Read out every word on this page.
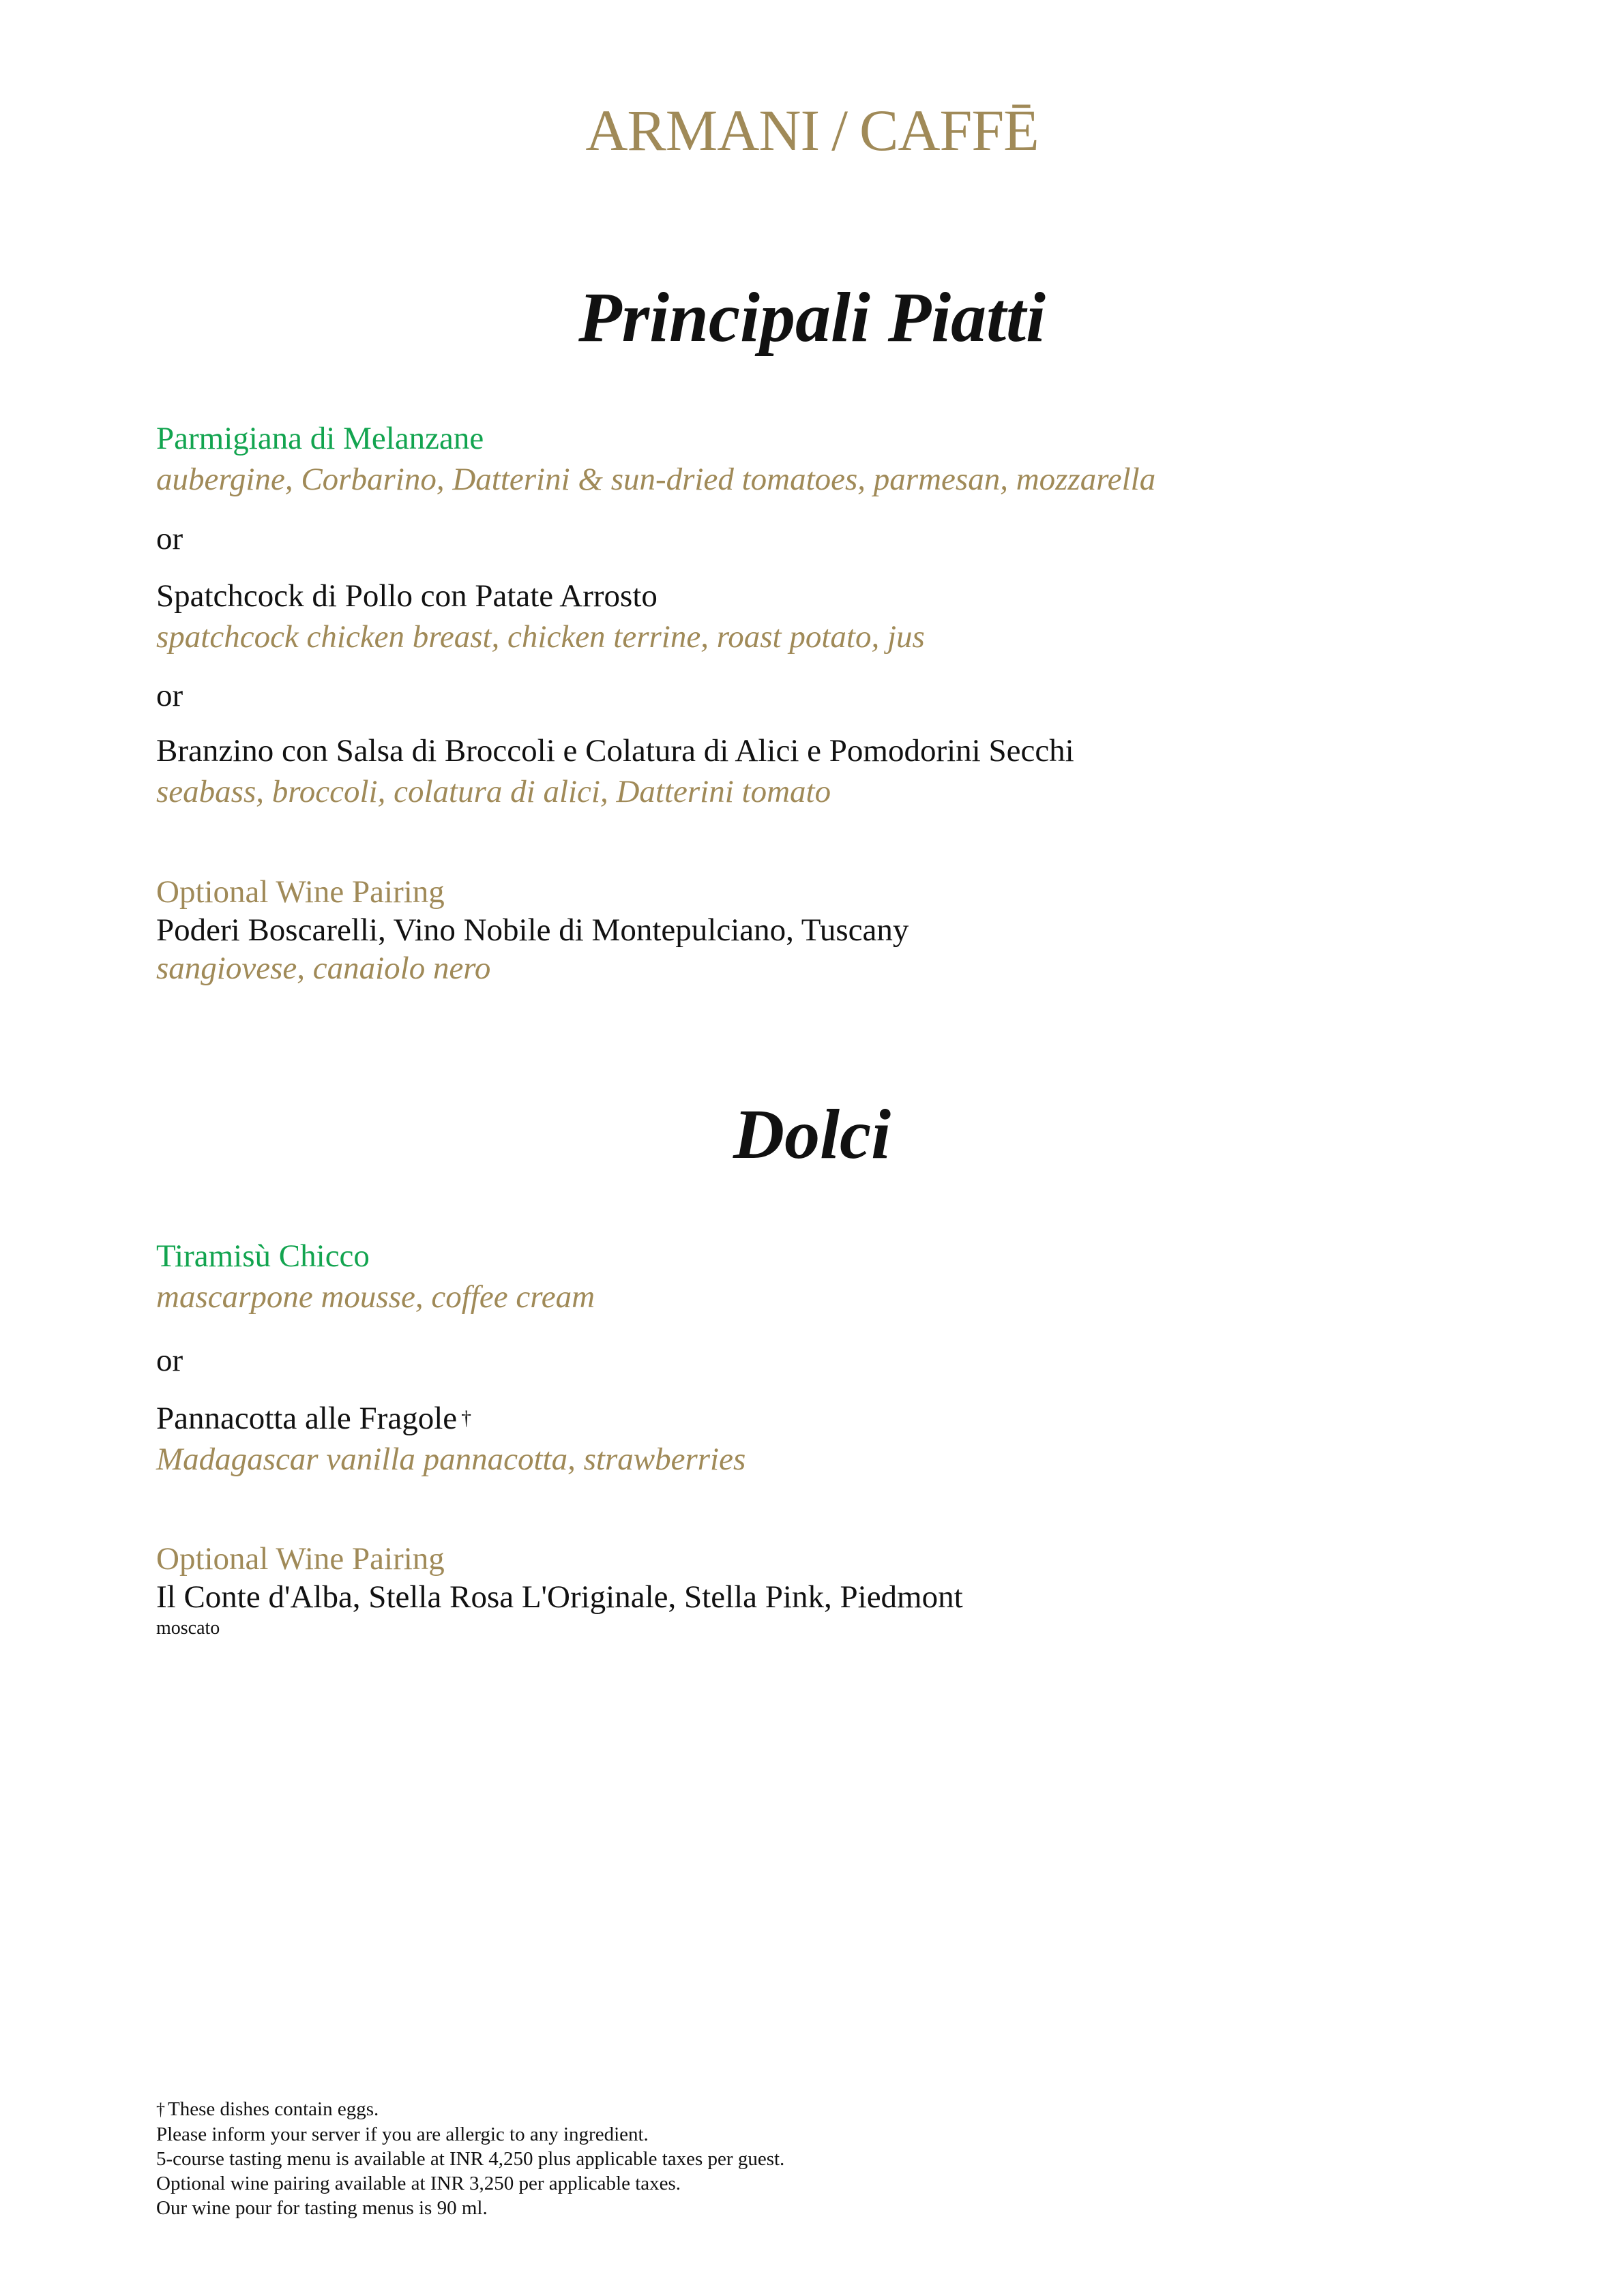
ARMANI / CAFFĒ
Principali Piatti
Parmigiana di Melanzane
aubergine, Corbarino, Datterini & sun-dried tomatoes, parmesan, mozzarella
or
Spatchcock di Pollo con Patate Arrosto
spatchcock chicken breast, chicken terrine, roast potato, jus
or
Branzino con Salsa di Broccoli e Colatura di Alici e Pomodorini Secchi
seabass, broccoli, colatura di alici, Datterini tomato
Optional Wine Pairing
Poderi Boscarelli, Vino Nobile di Montepulciano, Tuscany
sangiovese, canaiolo nero
Dolci
Tiramisù Chicco
mascarpone mousse, coffee cream
or
Pannacotta alle Fragole †
Madagascar vanilla pannacotta, strawberries
Optional Wine Pairing
Il Conte d'Alba, Stella Rosa L'Originale, Stella Pink, Piedmont
moscato
† These dishes contain eggs.
Please inform your server if you are allergic to any ingredient.
5-course tasting menu is available at INR 4,250 plus applicable taxes per guest.
Optional wine pairing available at INR 3,250 per applicable taxes.
Our wine pour for tasting menus is 90 ml.
